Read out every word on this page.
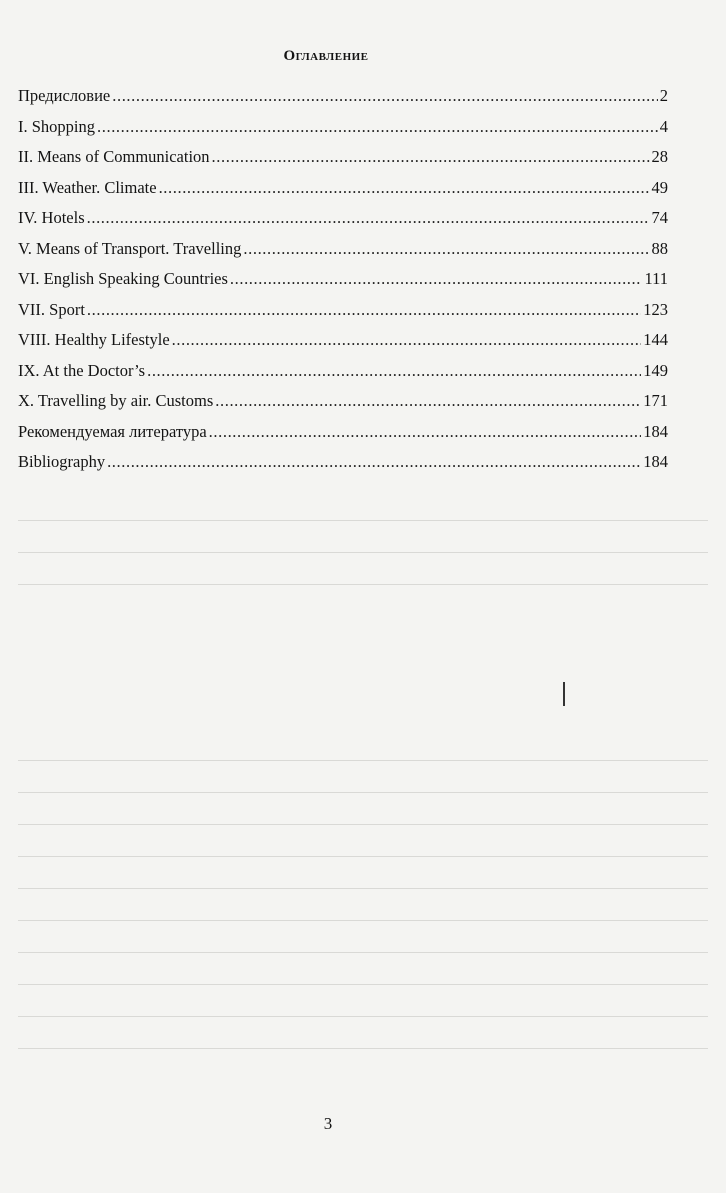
Оглавление
Предисловие .....	2
I. Shopping .....	4
II. Means of Communication .....	28
III. Weather. Climate .....	49
IV. Hotels .....	74
V. Means of Transport. Travelling .....	88
VI. English Speaking Countries .....	111
VII. Sport .....	123
VIII. Healthy Lifestyle .....	144
IX. At the Doctor’s .....	149
X. Travelling by air. Customs .....	171
Рекомендуемая литература .....	184
Bibliography .....	184
3
